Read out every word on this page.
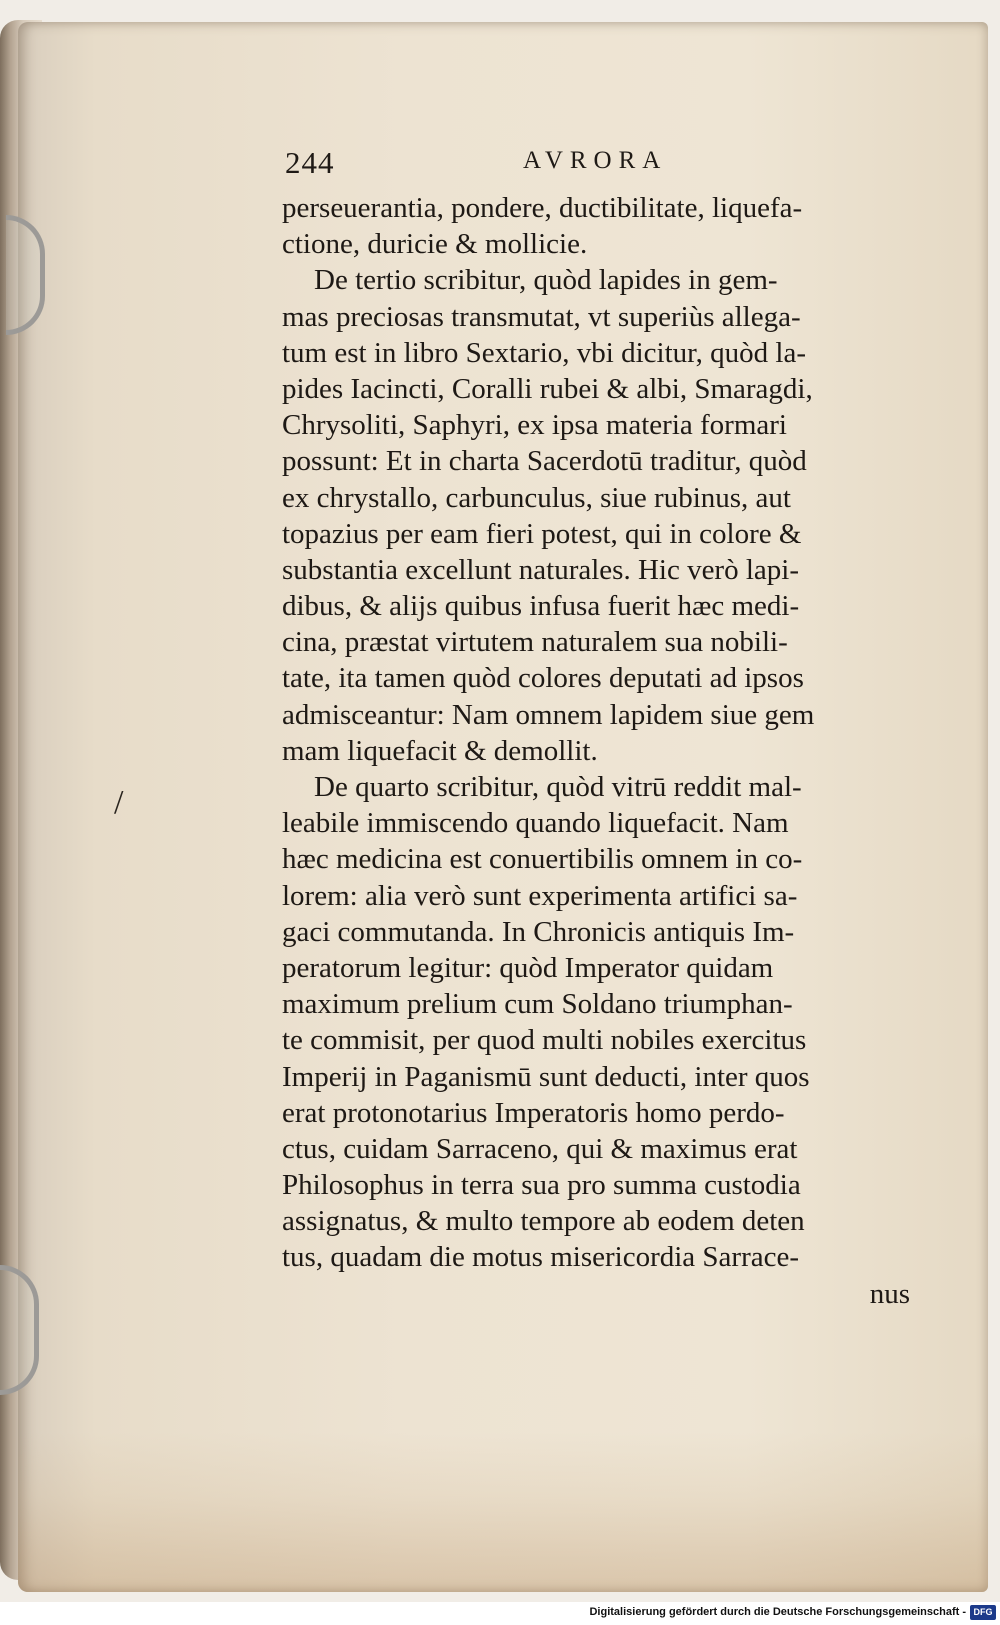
244	AVRORA
/
perseuerantia, pondere, ductibilitate, liquefa-
ctione, duricie & mollicie.
De tertio scribitur, quòd lapides in gem-
mas preciosas transmutat, vt superiùs allega-
tum est in libro Sextario, vbi dicitur, quòd la-
pides Iacincti, Coralli rubei & albi, Smaragdi,
Chrysoliti, Saphyri, ex ipsa materia formari
possunt: Et in charta Sacerdotū traditur, quòd
ex chrystallo, carbunculus, siue rubinus, aut
topazius per eam fieri potest, qui in colore &
substantia excellunt naturales. Hic verò lapi-
dibus, & alijs quibus infusa fuerit hæc medi-
cina, præstat virtutem naturalem sua nobili-
tate, ita tamen quòd colores deputati ad ipsos
admisceantur: Nam omnem lapidem siue gem
mam liquefacit & demollit.
De quarto scribitur, quòd vitrū reddit mal-
leabile immiscendo quando liquefacit. Nam
hæc medicina est conuertibilis omnem in co-
lorem: alia verò sunt experimenta artifici sa-
gaci commutanda. In Chronicis antiquis Im-
peratorum legitur: quòd Imperator quidam
maximum prelium cum Soldano triumphan-
te commisit, per quod multi nobiles exercitus
Imperij in Paganismū sunt deducti, inter quos
erat protonotarius Imperatoris homo perdo-
ctus, cuidam Sarraceno, qui & maximus erat
Philosophus in terra sua pro summa custodia
assignatus, & multo tempore ab eodem deten
tus, quadam die motus misericordia Sarrace-
nus
Digitalisierung gefördert durch die Deutsche Forschungsgemeinschaft - DFG
